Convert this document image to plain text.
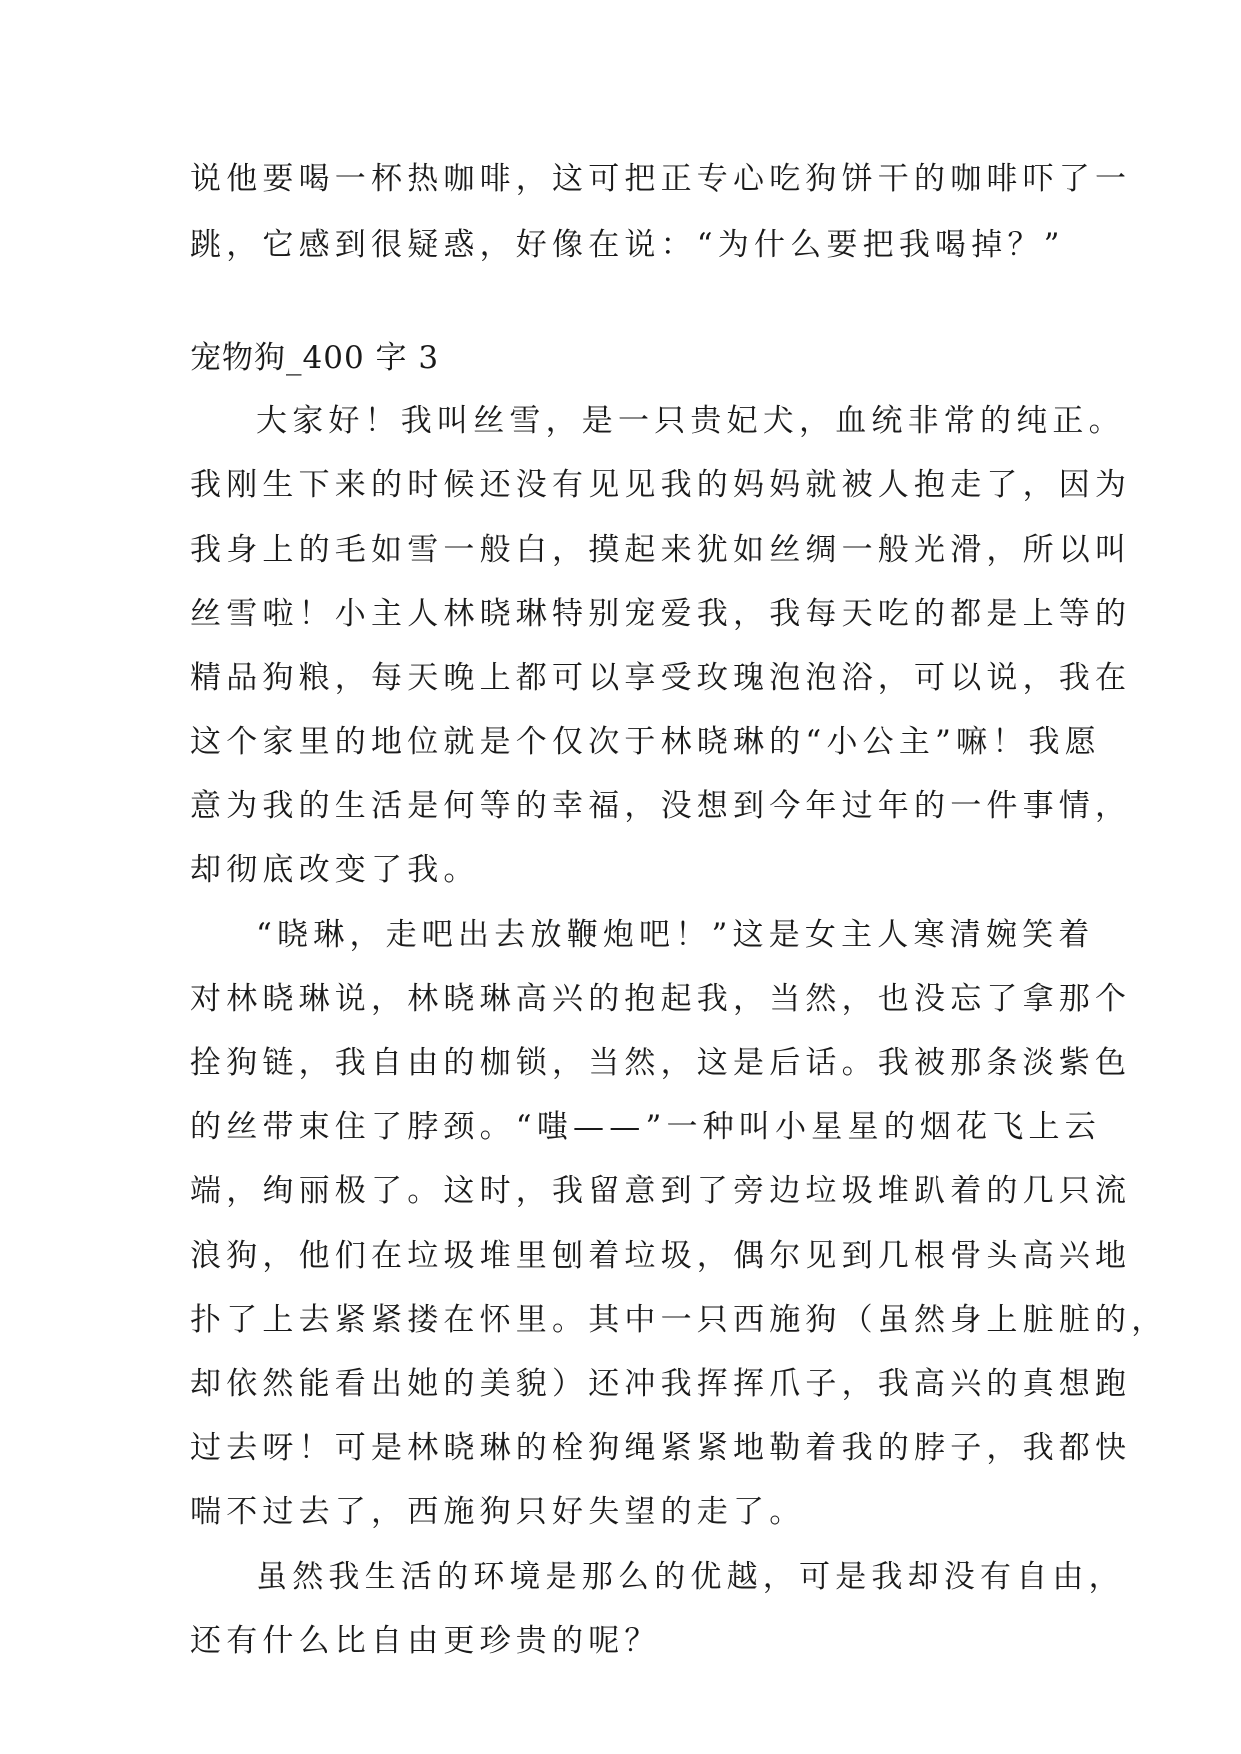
说他要喝一杯热咖啡，这可把正专心吃狗饼干的咖啡吓了一
跳，它感到很疑惑，好像在说：“为什么要把我喝掉？”
宠物狗_400 字 3
大家好！我叫丝雪，是一只贵妃犬，血统非常的纯正。
我刚生下来的时候还没有见见我的妈妈就被人抱走了，因为
我身上的毛如雪一般白，摸起来犹如丝绸一般光滑，所以叫
丝雪啦！小主人林晓琳特别宠爱我，我每天吃的都是上等的
精品狗粮，每天晚上都可以享受玫瑰泡泡浴，可以说，我在
这个家里的地位就是个仅次于林晓琳的“小公主”嘛！我愿
意为我的生活是何等的幸福，没想到今年过年的一件事情，
却彻底改变了我。
“晓琳，走吧出去放鞭炮吧！”这是女主人寒清婉笑着
对林晓琳说，林晓琳高兴的抱起我，当然，也没忘了拿那个
拴狗链，我自由的枷锁，当然，这是后话。我被那条淡紫色
的丝带束住了脖颈。“嗤——”一种叫小星星的烟花飞上云
端，绚丽极了。这时，我留意到了旁边垃圾堆趴着的几只流
浪狗，他们在垃圾堆里刨着垃圾，偶尔见到几根骨头高兴地
扑了上去紧紧搂在怀里。其中一只西施狗（虽然身上脏脏的，
却依然能看出她的美貌）还冲我挥挥爪子，我高兴的真想跑
过去呀！可是林晓琳的栓狗绳紧紧地勒着我的脖子，我都快
喘不过去了，西施狗只好失望的走了。
虽然我生活的环境是那么的优越，可是我却没有自由，
还有什么比自由更珍贵的呢？
